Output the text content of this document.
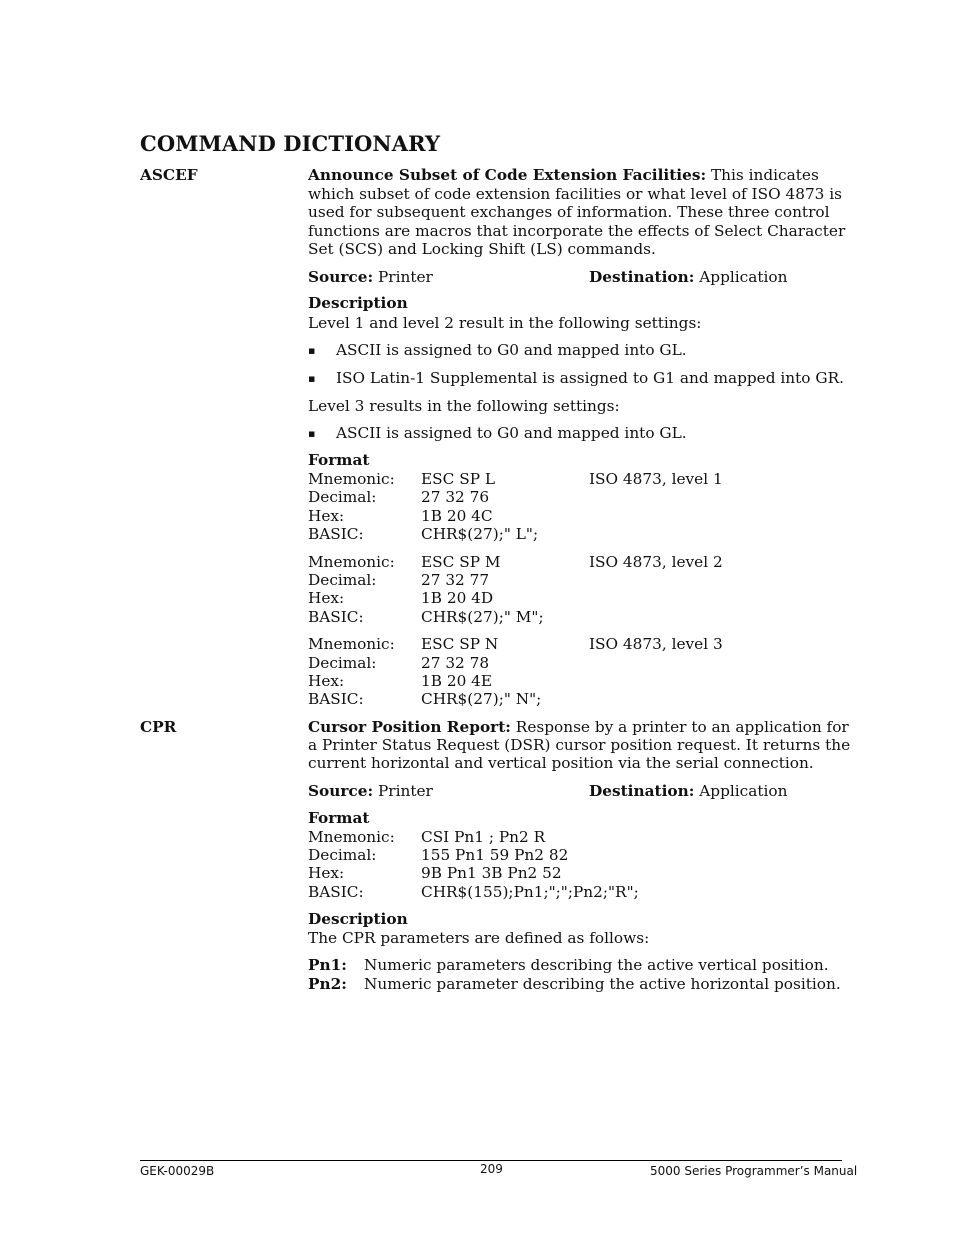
COMMAND DICTIONARY
ASCEF	Announce Subset of Code Extension Facilities: This indicates
which subset of code extension facilities or what level of ISO 4873 is
used for subsequent exchanges of information. These three control
functions are macros that incorporate the effects of Select Character
Set (SCS) and Locking Shift (LS) commands.
Source: Printer	Destination: Application
Description
Level 1 and level 2 result in the following settings:
▪ ASCII is assigned to G0 and mapped into GL.
▪ ISO Latin-1 Supplemental is assigned to G1 and mapped into GR.
Level 3 results in the following settings:
▪ ASCII is assigned to G0 and mapped into GL.
Format
Mnemonic: ESC SP L	ISO 4873, level 1
Decimal:	27 32 76
Hex:	1B 20 4C
BASIC:	CHR$(27);" L";
Mnemonic: ESC SP M	ISO 4873, level 2
Decimal:	27 32 77
Hex:	1B 20 4D
BASIC:	CHR$(27);" M";
Mnemonic: ESC SP N	ISO 4873, level 3
Decimal:	27 32 78
Hex:	1B 20 4E
BASIC:	CHR$(27);" N";
CPR	Cursor Position Report: Response by a printer to an application for
a Printer Status Request (DSR) cursor position request. It returns the
current horizontal and vertical position via the serial connection.
Source: Printer	Destination: Application
Format
Mnemonic: CSI Pn1 ; Pn2 R
Decimal:	155 Pn1 59 Pn2 82
Hex:	9B Pn1 3B Pn2 52
BASIC:	CHR$(155);Pn1;";";Pn2;"R";
Description
The CPR parameters are defined as follows:
Pn1: Numeric parameters describing the active vertical position.
Pn2: Numeric parameter describing the active horizontal position.
GEK-00029B	209	5000 Series Programmer’s Manual
